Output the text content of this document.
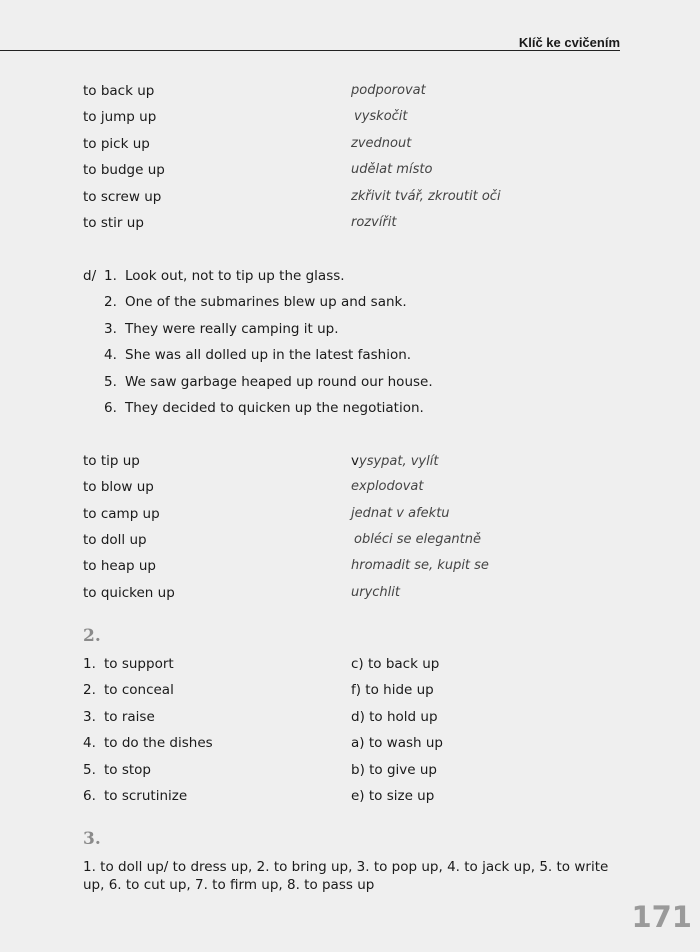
Klíč ke cvičením
to back up	podporovat
to jump up	vyskočit
to pick up	zvednout
to budge up	udělat místo
to screw up	zkřivit tvář, zkroutit oči
to stir up	rozvířit
d/ 1. Look out, not to tip up the glass.
2. One of the submarines blew up and sank.
3. They were really camping it up.
4. She was all dolled up in the latest fashion.
5. We saw garbage heaped up round our house.
6. They decided to quicken up the negotiation.
to tip up	vysypat, vylít
to blow up	explodovat
to camp up	jednat v afektu
to doll up	obléci se elegantně
to heap up	hromadit se, kupit se
to quicken up	urychlit
2.
1. to support	c) to back up
2. to conceal	f) to hide up
3. to raise	d) to hold up
4. to do the dishes	a) to wash up
5. to stop	b) to give up
6. to scrutinize	e) to size up
3.
1. to doll up/ to dress up, 2. to bring up, 3. to pop up, 4. to jack up, 5. to write up, 6. to cut up, 7. to firm up, 8. to pass up
171
